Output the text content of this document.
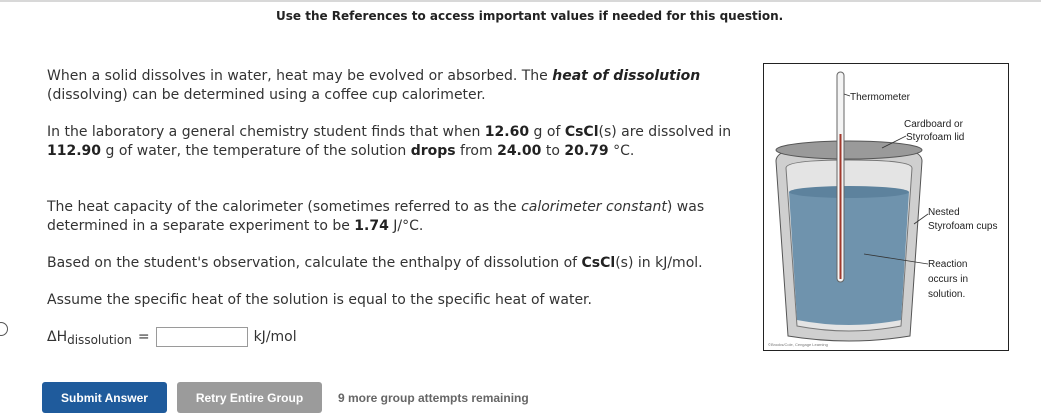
Use the References to access important values if needed for this question.
When a solid dissolves in water, heat may be evolved or absorbed. The heat of dissolution (dissolving) can be determined using a coffee cup calorimeter.
In the laboratory a general chemistry student finds that when 12.60 g of CsCl(s) are dissolved in 112.90 g of water, the temperature of the solution drops from 24.00 to 20.79 °C.
The heat capacity of the calorimeter (sometimes referred to as the calorimeter constant) was determined in a separate experiment to be 1.74 J/°C.
Based on the student's observation, calculate the enthalpy of dissolution of CsCl(s) in kJ/mol.
Assume the specific heat of the solution is equal to the specific heat of water.
ΔH dissolution =	kJ/mol
Submit Answer	Retry Entire Group	9 more group attempts remaining
Thermometer
Cardboard or
Styrofoam lid
Nested
Styrofoam cups
Reaction
occurs in
solution.
©Brooks/Cole, Cengage Learning
